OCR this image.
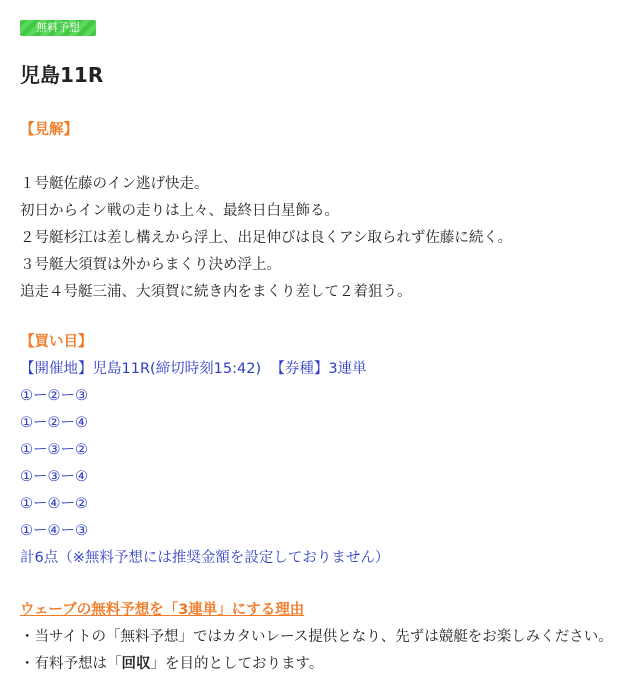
無料予想
児島11R

【見解】

１号艇佐藤のイン逃げ快走。

初日からイン戦の走りは上々、最終日白星飾る。

２号艇杉江は差し構えから浮上、出足伸びは良くアシ取られず佐藤に続く。

３号艇大須賀は外からまくり決め浮上。

追走４号艇三浦、大須賀に続き内をまくり差して２着狙う。

【買い目】

【開催地】児島11R(締切時刻15:42) 【券種】3連単

①ー②ー③

①ー②ー④

①ー③ー②

①ー③ー④

①ー④ー②

①ー④ー③

計6点（※無料予想には推奨金額を設定しておりません）

ウェーブの無料予想を「3連単」にする理由

・当サイトの「無料予想」ではカタいレース提供となり、先ずは競艇をお楽しみください。

・有料予想は「回収」を目的としております。
